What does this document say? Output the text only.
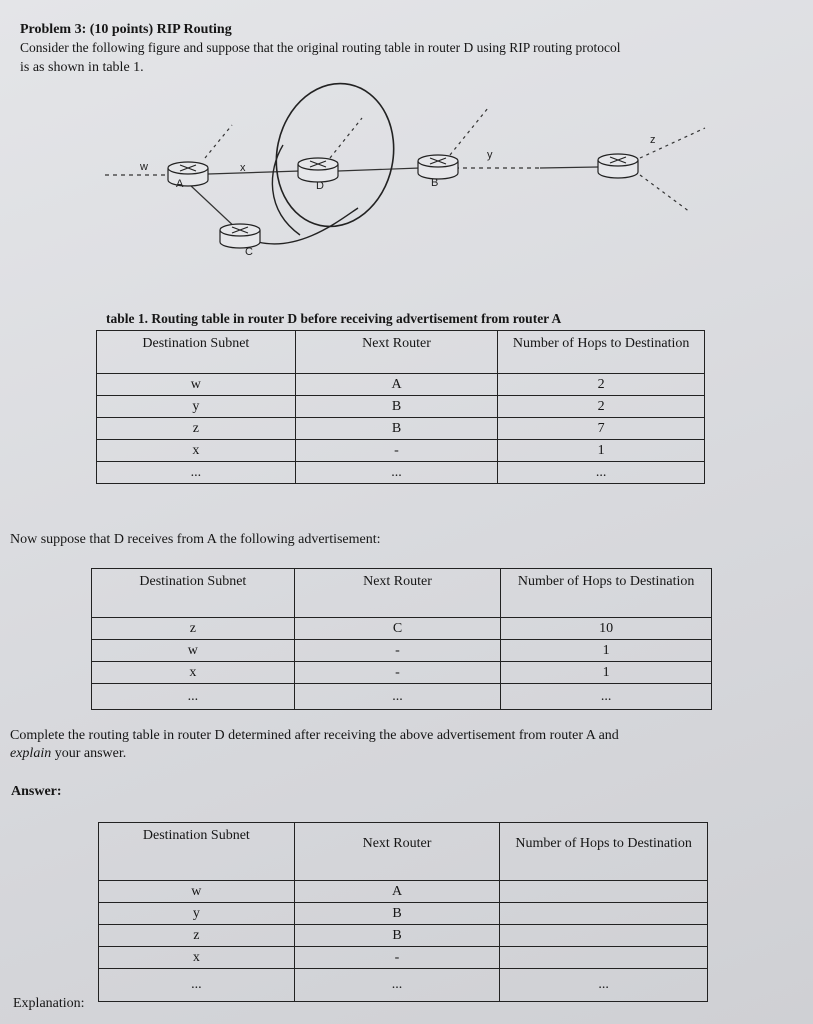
Problem 3: (10 points) RIP Routing
Consider the following figure and suppose that the original routing table in router D using RIP routing protocol
is as shown in table 1.
w	x
y
z
A	D	B
C
table 1. Routing table in router D before receiving advertisement from router A
Destination Subnet	Next Router	Number of Hops to Destination
w	A	2
y	B	2
z	B	7
x	-	1
...	...	...
Now suppose that D receives from A the following advertisement:
Destination Subnet	Next Router	Number of Hops to Destination
z	C	10
w	-	1
x	-	1
...	...	...
Complete the routing table in router D determined after receiving the above advertisement from router A and
explain your answer.
Answer:
Destination Subnet	Next Router	Number of Hops to Destination
w	A	
y	B	
z	B	
x	-	
...	...	...
Explanation:
